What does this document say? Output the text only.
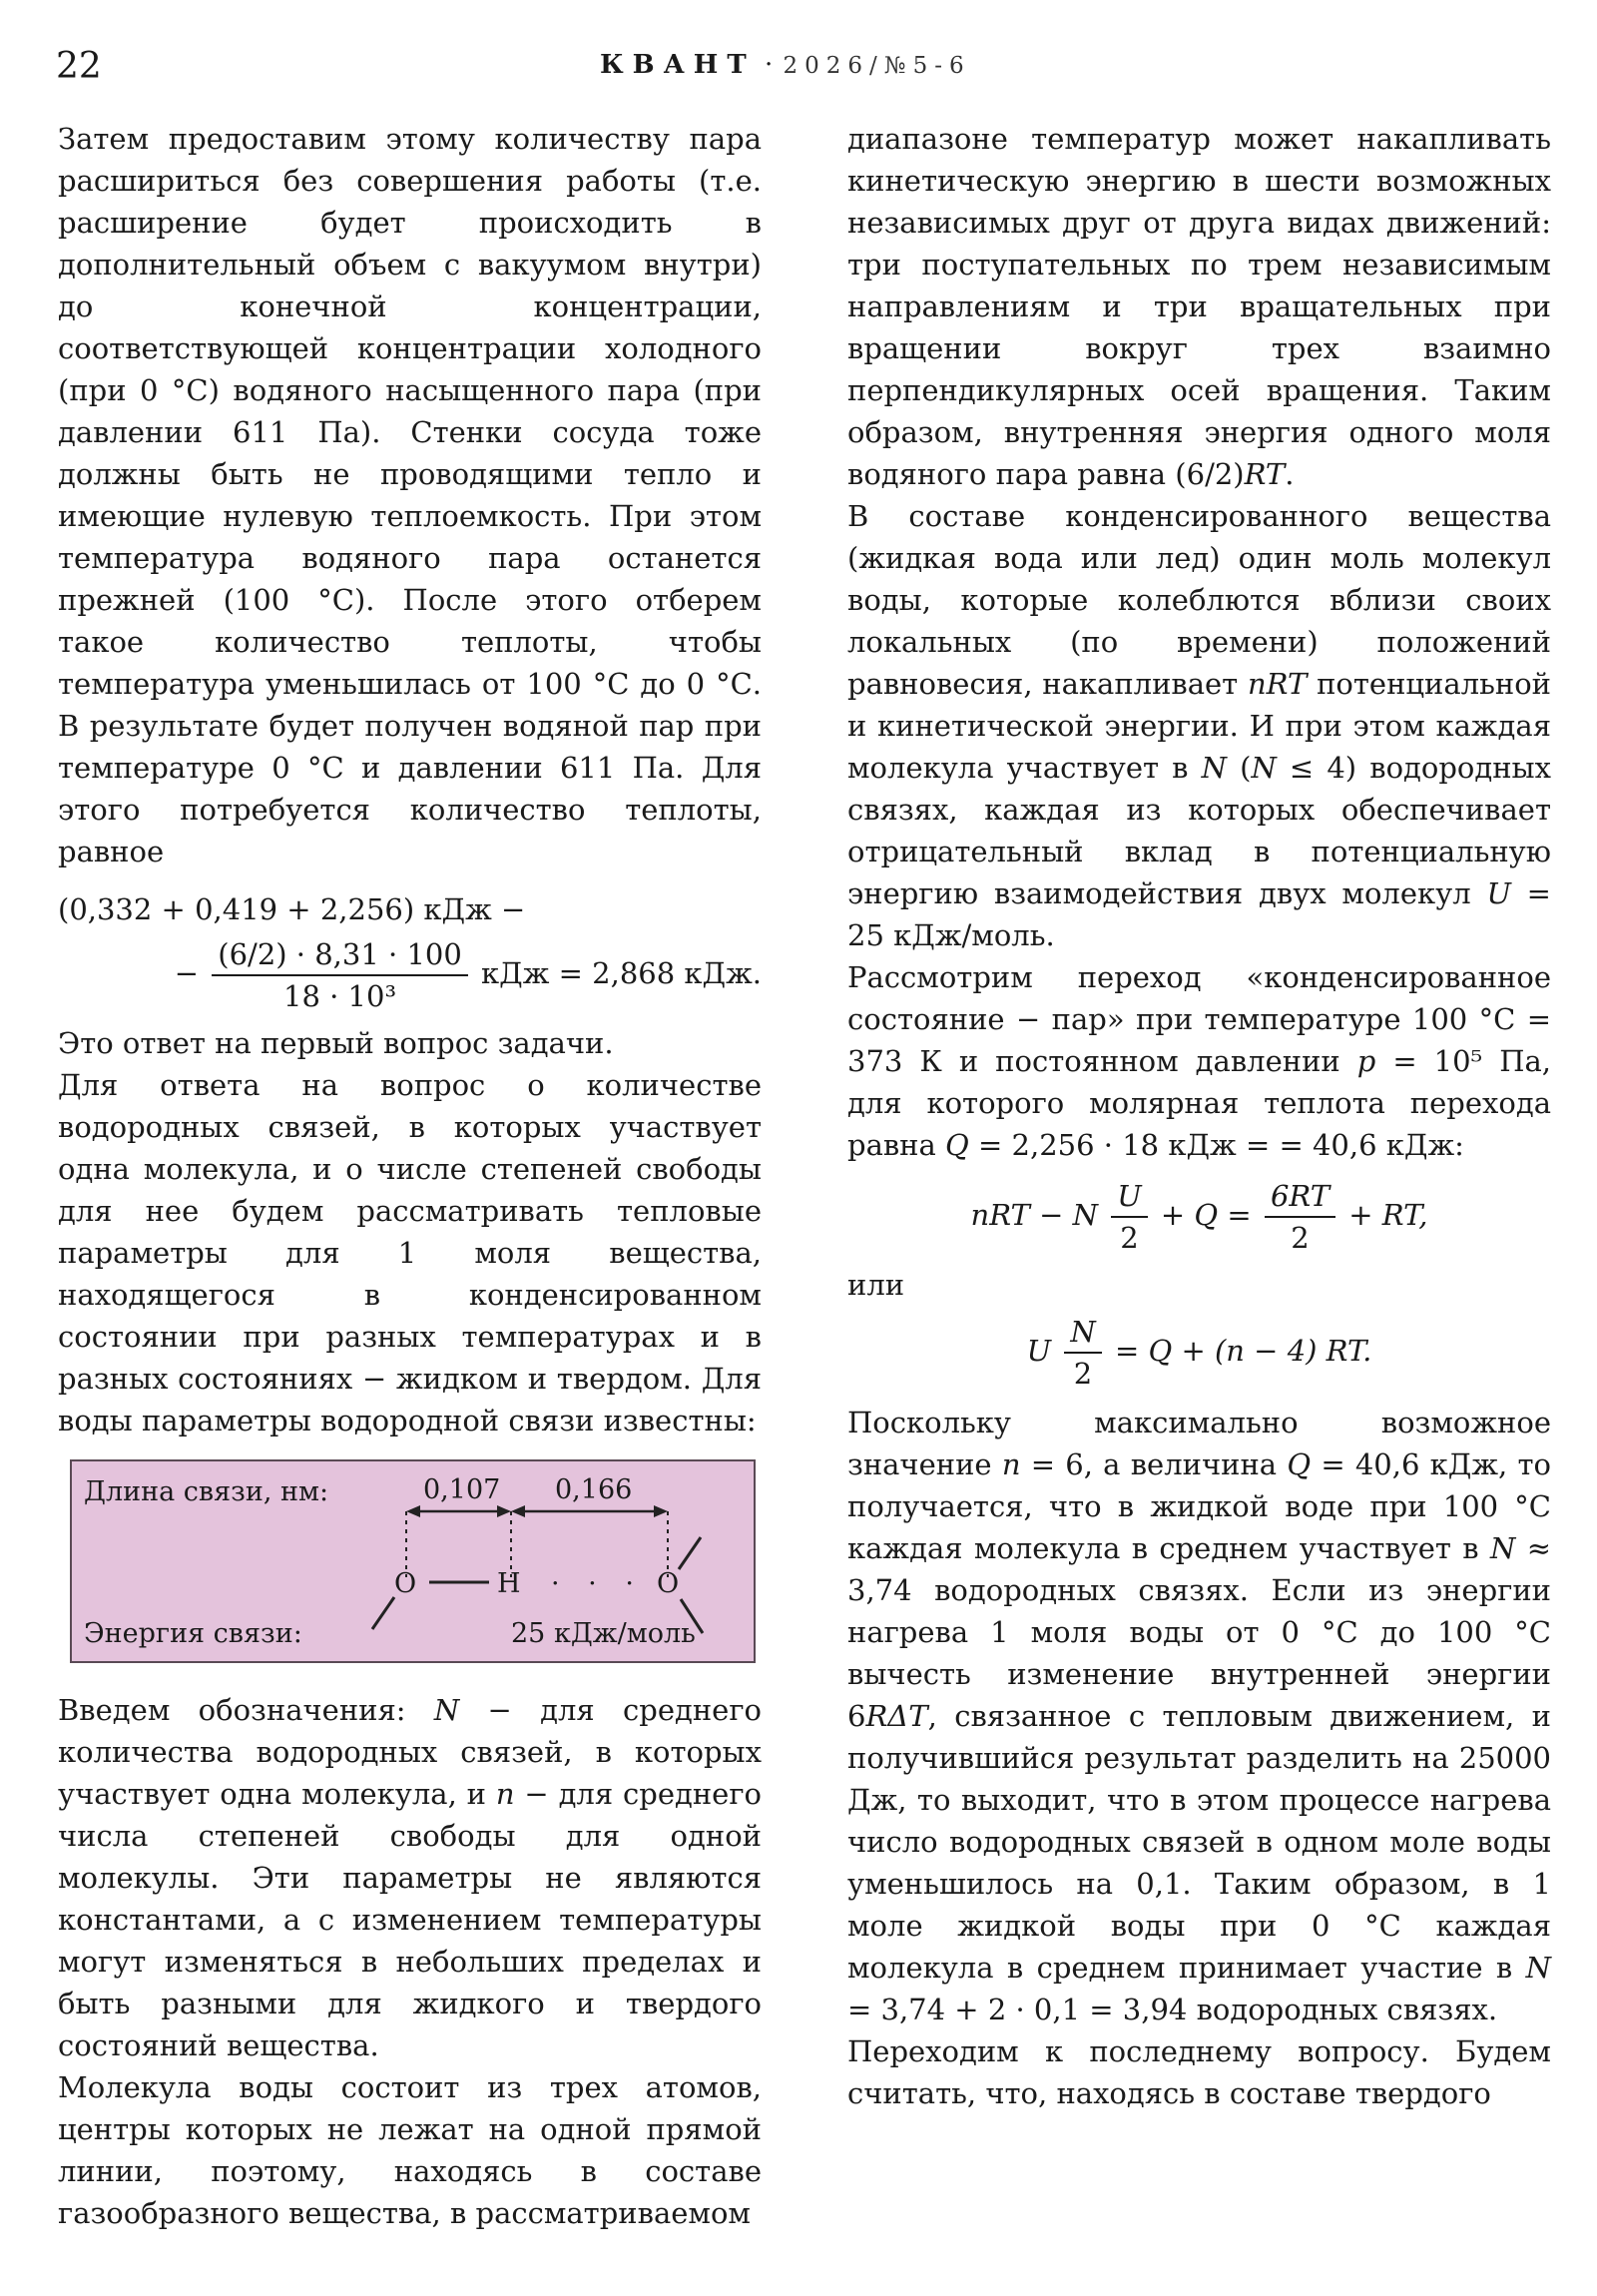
22	КВАНТ · 2026/№5-6

Затем предоставим этому количеству пара расшириться без совершения работы (т.е. расширение будет происходить в дополнительный объем с вакуумом внутри) до конечной концентрации, соответствующей концентрации холодного (при 0 °С) водяного насыщенного пара (при давлении 611 Па). Стенки сосуда тоже должны быть не проводящими тепло и имеющие нулевую теплоемкость. При этом температура водяного пара останется прежней (100 °С). После этого отберем такое количество теплоты, чтобы температура уменьшилась от 100 °С до 0 °С. В результате будет получен водяной пар при температуре 0 °С и давлении 611 Па. Для этого потребуется количество теплоты, равное

(0,332 + 0,419 + 2,256) кДж −
− $\frac{(6/2) \cdot 8,31 \cdot 100}{\text{18 · 10³}}$ кДж = 2,868 кДж.

Это ответ на первый вопрос задачи.

Для ответа на вопрос о количестве водородных связей, в которых участвует одна молекула, и о числе степеней свободы для нее будем рассматривать тепловые параметры для 1 моля вещества, находящегося в конденсированном состоянии при разных температурах и в разных состояниях − жидком и твердом. Для воды параметры водородной связи известны:

Длина связи, нм:	0,107 0,166
O	H · · · O
Энергия связи:	25 кДж/моль

Введем обозначения: N − для среднего количества водородных связей, в которых участвует одна молекула, и n − для среднего числа степеней свободы для одной молекулы. Эти параметры не являются константами, а с изменением температуры могут изменяться в небольших пределах и быть разными для жидкого и твердого состояний вещества.

Молекула воды состоит из трех атомов, центры которых не лежат на одной прямой линии, поэтому, находясь в составе газообразного вещества, в рассматриваемом

диапазоне температур может накапливать кинетическую энергию в шести возможных независимых друг от друга видах движений: три поступательных по трем независимым направлениям и три вращательных при вращении вокруг трех взаимно перпендикулярных осей вращения. Таким образом, внутренняя энергия одного моля водяного пара равна (6/2)RT.

В составе конденсированного вещества (жидкая вода или лед) один моль молекул воды, которые колеблются вблизи своих локальных (по времени) положений равновесия, накапливает nRT потенциальной и кинетической энергии. И при этом каждая молекула участвует в N (N ≤ 4) водородных связях, каждая из которых обеспечивает отрицательный вклад в потенциальную энергию взаимодействия двух молекул U = 25 кДж/моль.

Рассмотрим переход «конденсированное состояние − пар» при температуре 100 °С = 373 К и постоянном давлении p = 10⁵ Па, для которого молярная теплота перехода равна Q = 2,256 · 18 кДж = = 40,6 кДж:

nRT − N $\frac{U}{2} + Q = \frac{6RT}{2}$ + RT,

или

U $\frac{N}{2} = Q + (n - 4)$ RT.

Поскольку максимально возможное значение n = 6, а величина Q = 40,6 кДж, то получается, что в жидкой воде при 100 °С каждая молекула в среднем участвует в N ≈ 3,74 водородных связях. Если из энергии нагрева 1 моля воды от 0 °С до 100 °С вычесть изменение внутренней энергии 6RΔT, связанное с тепловым движением, и получившийся результат разделить на 25000 Дж, то выходит, что в этом процессе нагрева число водородных связей в одном моле воды уменьшилось на 0,1. Таким образом, в 1 моле жидкой воды при 0 °С каждая молекула в среднем принимает участие в N = 3,74 + 2 · 0,1 = 3,94 водородных связях.

Переходим к последнему вопросу. Будем считать, что, находясь в составе твердого
